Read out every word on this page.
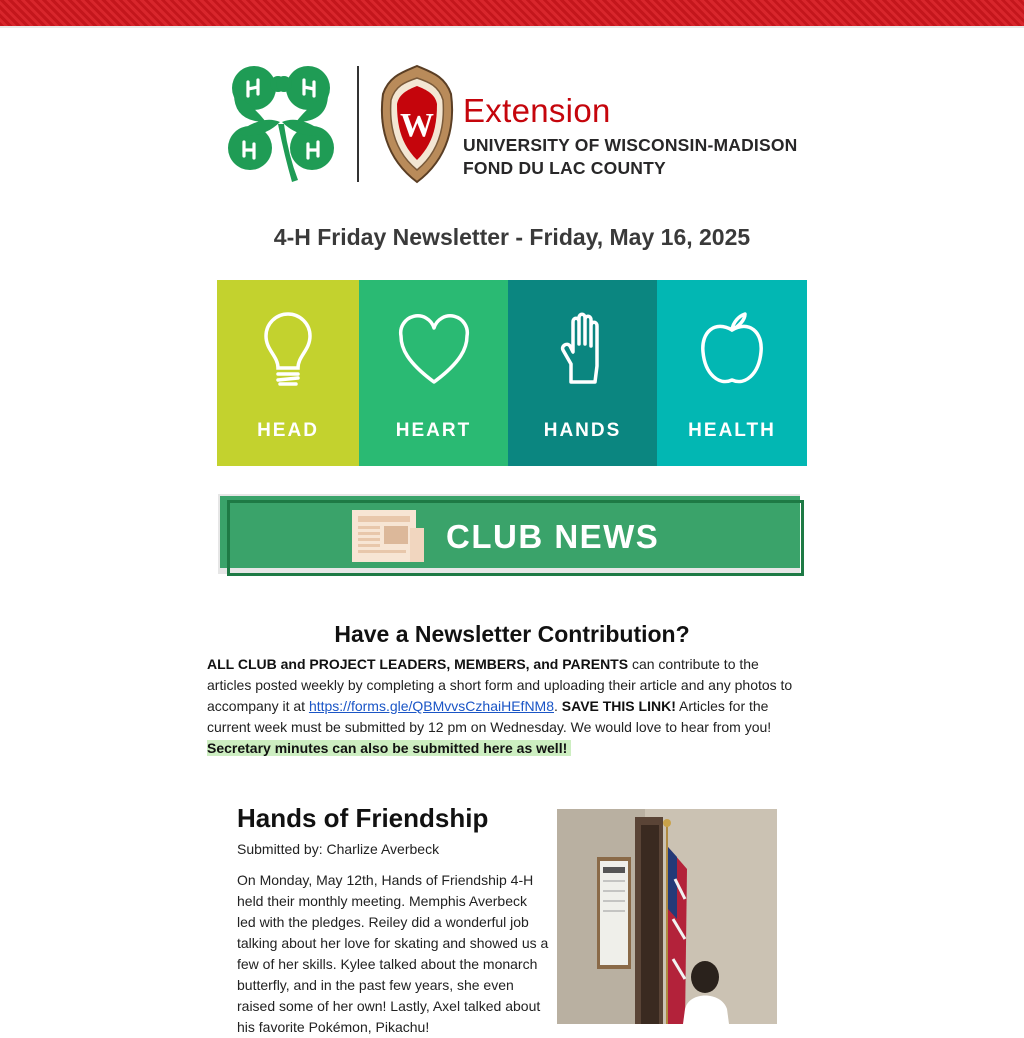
W Extension
UNIVERSITY OF WISCONSIN-MADISON
FOND DU LAC COUNTY
4-H Friday Newsletter - Friday, May 16, 2025
HEAD	HEART	HANDS	HEALTH
CLUB NEWS
Have a Newsletter Contribution?
ALL CLUB and PROJECT LEADERS, MEMBERS, and PARENTS can contribute to the articles posted weekly by completing a short form and uploading their article and any photos to accompany it at https://forms.gle/QBMvvsCzhaiHEfNM8. SAVE THIS LINK! Articles for the current week must be submitted by 12 pm on Wednesday. We would love to hear from you!
Secretary minutes can also be submitted here as well!
Hands of Friendship
Submitted by: Charlize Averbeck
On Monday, May 12th, Hands of Friendship 4-H held their monthly meeting. Memphis Averbeck led with the pledges. Reiley did a wonderful job talking about her love for skating and showed us a few of her skills. Kylee talked about the monarch butterfly, and in the past few years, she even raised some of her own! Lastly, Axel talked about his favorite Pokémon, Pikachu!
